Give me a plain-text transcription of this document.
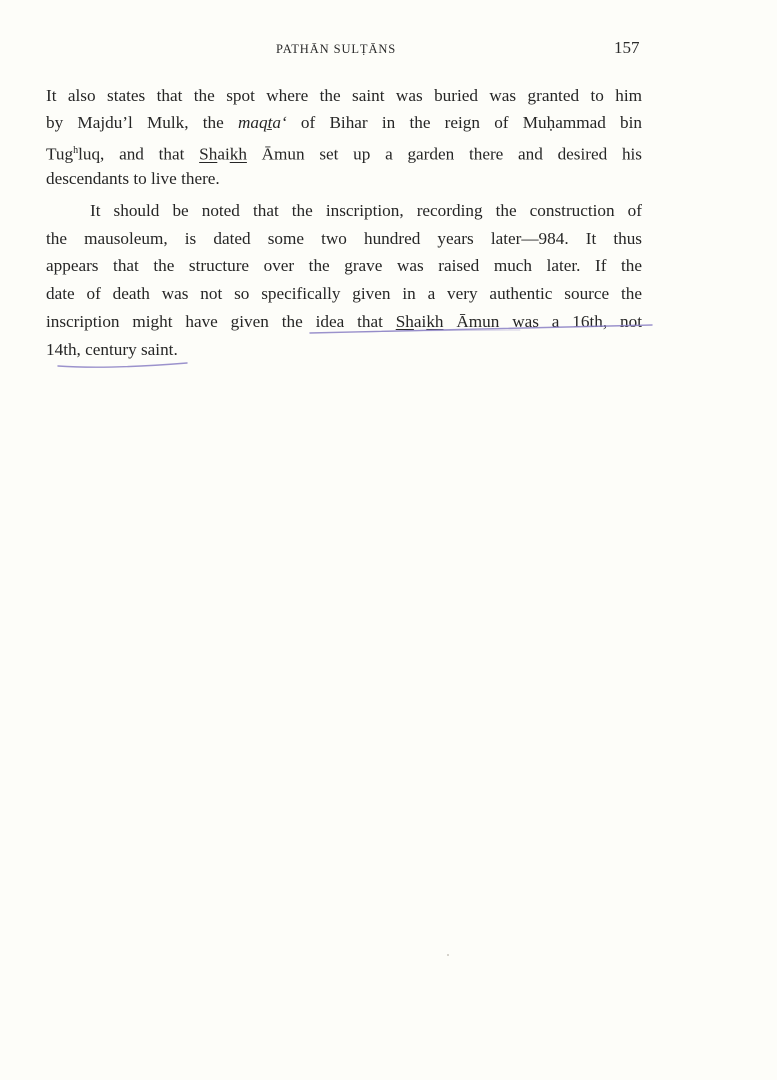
PATHĀN SULṬĀNS	157
It also states that the spot where the saint was buried was granted to him
by Majdu’l Mulk, the maqṯa‘ of Bihar in the reign of Muḥammad bin
Tug$^h$luq, and that Shaikh Āmun set up a garden there and desired his
descendants to live there.
It should be noted that the inscription, recording the construction of
the mausoleum, is dated some two hundred years later—984. It thus
appears that the structure over the grave was raised much later. If the
date of death was not so specifically given in a very authentic source the
inscription might have given the idea that Shaikh Āmun was a 16th, not
14th, century saint.
